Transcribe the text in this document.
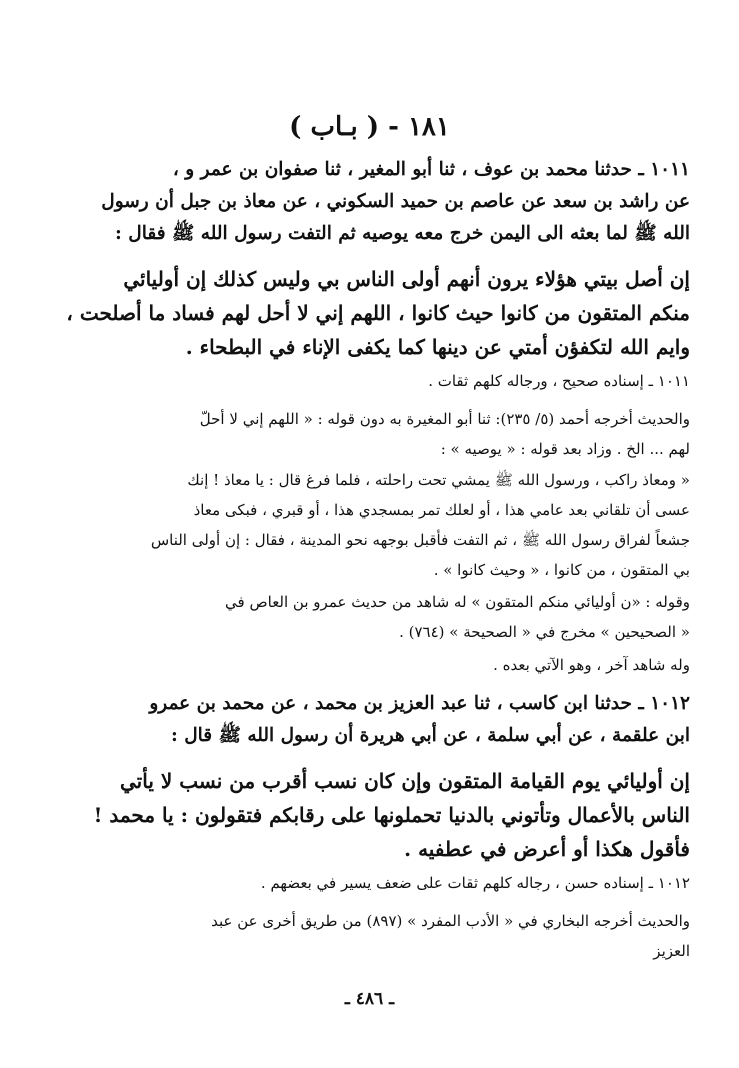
١٨١ - ( بـاب )
١٠١١ ـ حدثنا محمد بن عوف ، ثنا أبو المغير ، ثنا صفوان بن عمر و ،
عن راشد بن سعد عن عاصم بن حميد السكوني ، عن معاذ بن جبل أن رسول
الله ﷺ لما بعثه الى اليمن خرج معه يوصيه ثم التفت رسول الله ﷺ فقال :
إن أصل بيتي هؤلاء يرون أنهم أولى الناس بي وليس كذلك إن أوليائي
منكم المتقون من كانوا حيث كانوا ، اللهم إني لا أحل لهم فساد ما أصلحت ،
وايم الله لتكفؤن أمتي عن دينها كما يكفى الإناء في البطحاء .
١٠١١ ـ إسناده صحيح ، ورجاله كلهم ثقات .
والحديث أخرجه أحمد (٥/ ٢٣٥): ثنا أبو المغيرة به دون قوله : « اللهم إني لا أحلّ
لهم ... الخ . وزاد بعد قوله : « يوصيه » :
« ومعاذ راكب ، ورسول الله ﷺ يمشي تحت راحلته ، فلما فرغ قال : يا معاذ ! إنك
عسى أن تلقاني بعد عامي هذا ، أو لعلك تمر بمسجدي هذا ، أو قبري ، فبكى معاذ
جشعاً لفراق رسول الله ﷺ ، ثم التفت فأقبل بوجهه نحو المدينة ، فقال : إن أولى الناس
بي المتقون ، من كانوا ، « وحيث كانوا » .
وقوله : «ن أوليائي منكم المتقون » له شاهد من حديث عمرو بن العاص في
« الصحيحين » مخرج في « الصحيحة » (٧٦٤) .
وله شاهد آخر ، وهو الآتي بعده .
١٠١٢ ـ حدثنا ابن كاسب ، ثنا عبد العزيز بن محمد ، عن محمد بن عمرو
ابن علقمة ، عن أبي سلمة ، عن أبي هريرة أن رسول الله ﷺ قال :
إن أوليائي يوم القيامة المتقون وإن كان نسب أقرب من نسب لا يأتي
الناس بالأعمال وتأتوني بالدنيا تحملونها على رقابكم فتقولون : يا محمد !
فأقول هكذا أو أعرض في عطفيه .
١٠١٢ ـ إسناده حسن ، رجاله كلهم ثقات على ضعف يسير في بعضهم .
والحديث أخرجه البخاري في « الأدب المفرد » (٨٩٧) من طريق أخرى عن عبد
العزيز
ـ ٤٨٦ ـ
